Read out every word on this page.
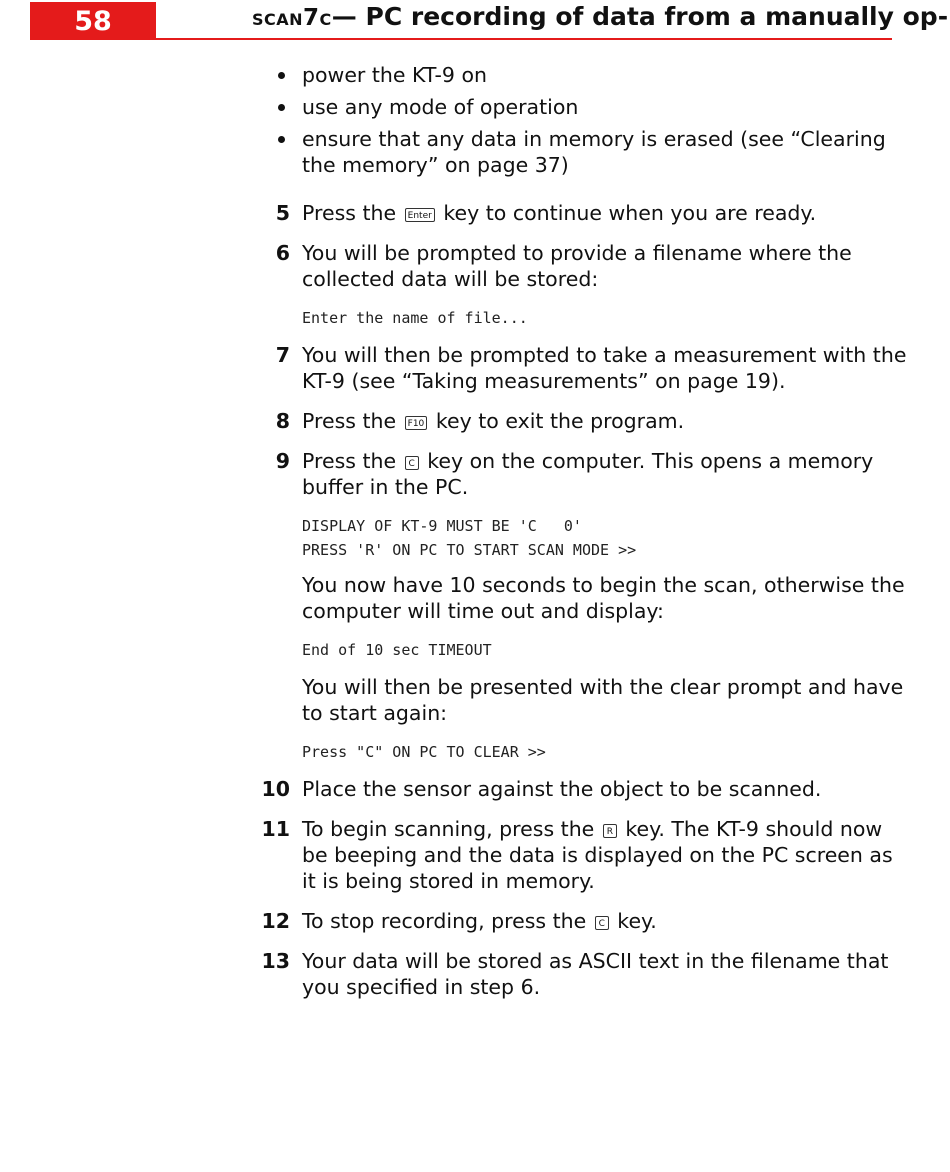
58	scan7c— PC recording of data from a manually op-
power the KT-9 on
use any mode of operation
ensure that any data in memory is erased (see “Clearing the memory” on page 37)
5 Press the Enter key to continue when you are ready.
6 You will be prompted to provide a filename where the collected data will be stored:
Enter the name of file...
7 You will then be prompted to take a measurement with the KT-9 (see “Taking measurements” on page 19).
8 Press the F10 key to exit the program.
9 Press the C key on the computer. This opens a memory buffer in the PC.
DISPLAY OF KT-9 MUST BE 'C   0'
PRESS 'R' ON PC TO START SCAN MODE >>
You now have 10 seconds to begin the scan, otherwise the computer will time out and display:
End of 10 sec TIMEOUT
You will then be presented with the clear prompt and have to start again:
Press "C" ON PC TO CLEAR >>
10 Place the sensor against the object to be scanned.
11 To begin scanning, press the R key. The KT-9 should now be beeping and the data is displayed on the PC screen as it is being stored in memory.
12 To stop recording, press the C key.
13 Your data will be stored as ASCII text in the filename that you specified in step 6.
